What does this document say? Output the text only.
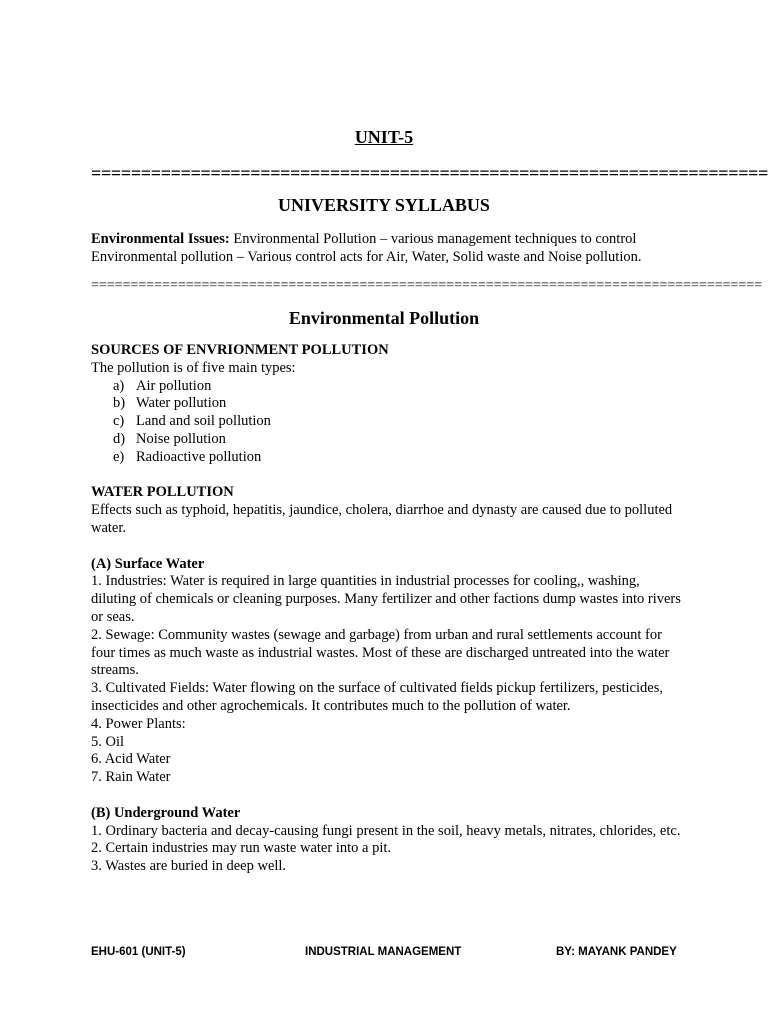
UNIT-5
====================================================================
UNIVERSITY SYLLABUS
Environmental Issues: Environmental Pollution – various management techniques to control Environmental pollution – Various control acts for Air, Water, Solid waste and Noise pollution.
=====================================================================================
Environmental Pollution

SOURCES OF ENVRIONMENT POLLUTION

The pollution is of five main types:

a) Air pollution
b) Water pollution
c) Land and soil pollution
d) Noise pollution
e) Radioactive pollution

WATER POLLUTION

Effects such as typhoid, hepatitis, jaundice, cholera, diarrhoe and dynasty are caused due to polluted water.

(A) Surface Water

1. Industries: Water is required in large quantities in industrial processes for cooling,, washing, diluting of chemicals or cleaning purposes. Many fertilizer and other factions dump wastes into rivers or seas.

2. Sewage: Community wastes (sewage and garbage) from urban and rural settlements account for four times as much waste as industrial wastes. Most of these are discharged untreated into the water streams.

3. Cultivated Fields: Water flowing on the surface of cultivated fields pickup fertilizers, pesticides, insecticides and other agrochemicals. It contributes much to the pollution of water.

4. Power Plants:

5. Oil

6. Acid Water

7. Rain Water

(B) Underground Water

1. Ordinary bacteria and decay-causing fungi present in the soil, heavy metals, nitrates, chlorides, etc.

2. Certain industries may run waste water into a pit.

3. Wastes are buried in deep well.

EHU-601 (UNIT-5)	INDUSTRIAL MANAGEMENT	BY: MAYANK PANDEY
